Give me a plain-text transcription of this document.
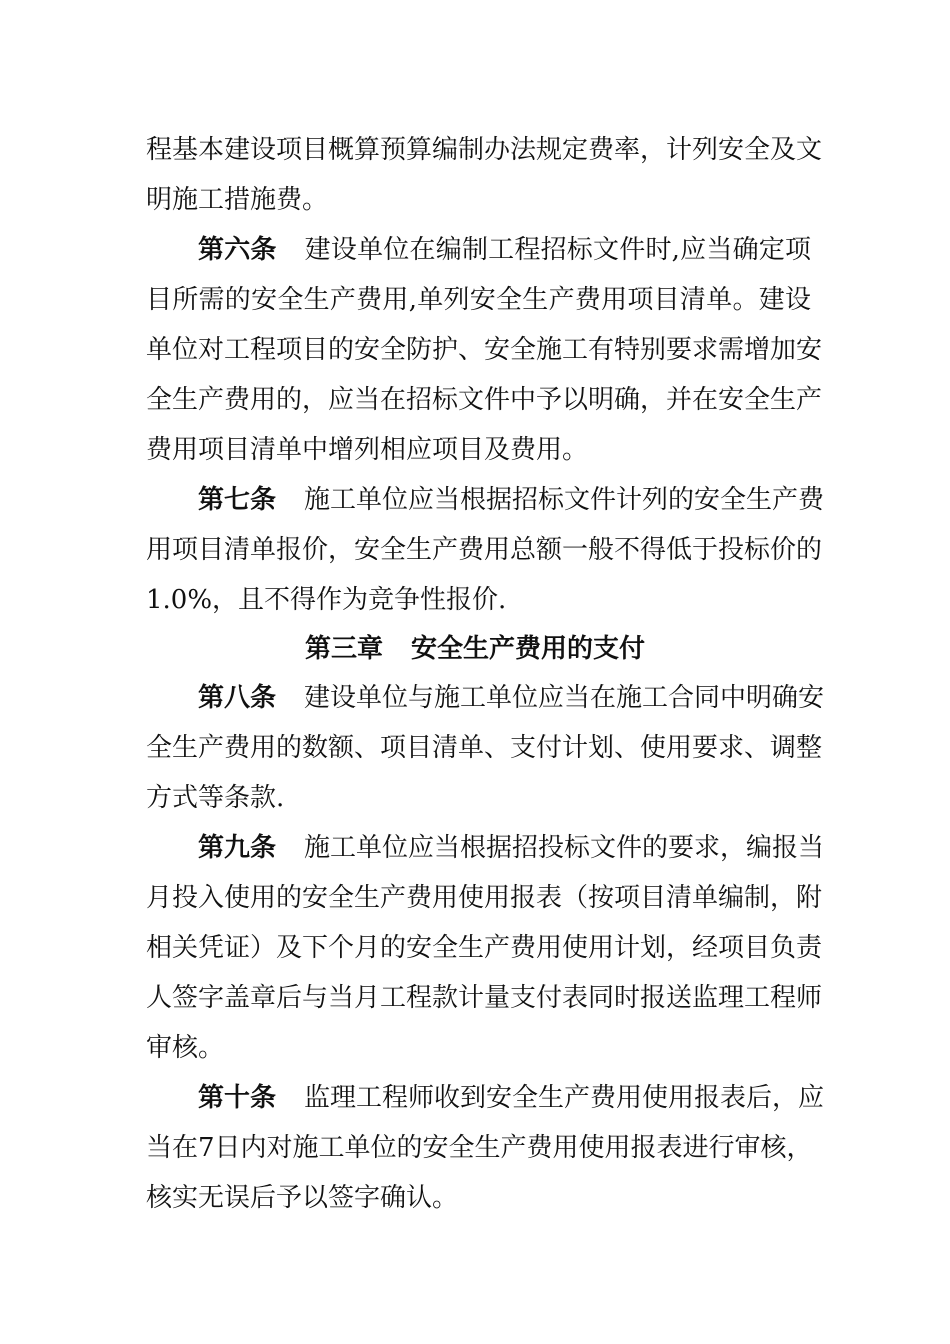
程基本建设项目概算预算编制办法规定费率，计列安全及文
明施工措施费。
第六条 建设单位在编制工程招标文件时,应当确定项
目所需的安全生产费用,单列安全生产费用项目清单。建设
单位对工程项目的安全防护、安全施工有特别要求需增加安
全生产费用的，应当在招标文件中予以明确，并在安全生产
费用项目清单中增列相应项目及费用。
第七条 施工单位应当根据招标文件计列的安全生产费
用项目清单报价，安全生产费用总额一般不得低于投标价的
1.0%，且不得作为竞争性报价.
第三章 安全生产费用的支付
第八条 建设单位与施工单位应当在施工合同中明确安
全生产费用的数额、项目清单、支付计划、使用要求、调整
方式等条款.
第九条 施工单位应当根据招投标文件的要求，编报当
月投入使用的安全生产费用使用报表（按项目清单编制，附
相关凭证）及下个月的安全生产费用使用计划，经项目负责
人签字盖章后与当月工程款计量支付表同时报送监理工程师
审核。
第十条 监理工程师收到安全生产费用使用报表后，应
当在7日内对施工单位的安全生产费用使用报表进行审核，
核实无误后予以签字确认。
